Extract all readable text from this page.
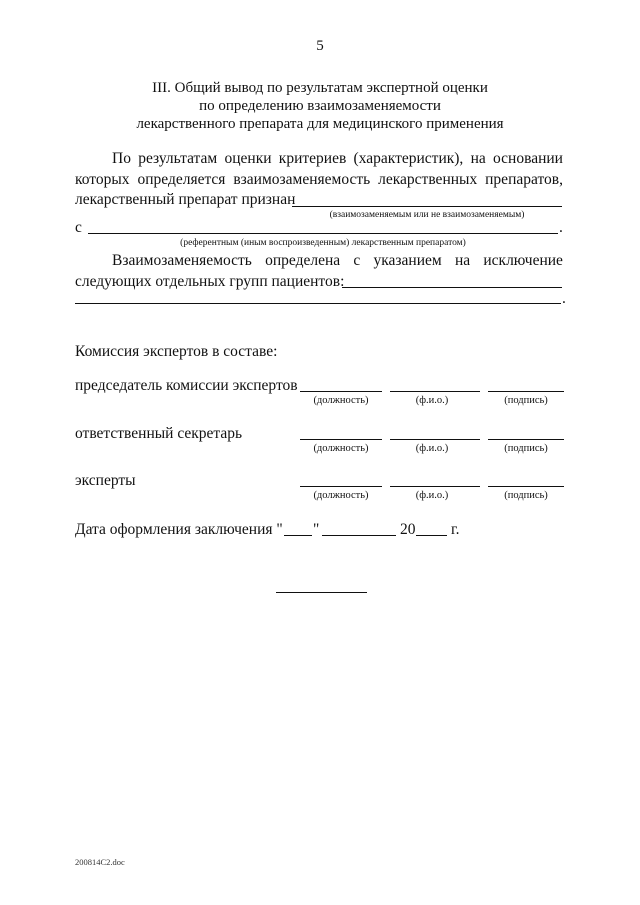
5
III. Общий вывод по результатам экспертной оценки
по определению взаимозаменяемости
лекарственного препарата для медицинского применения
По результатам оценки критериев (характеристик), на основании
которых определяется взаимозаменяемость лекарственных препаратов,
лекарственный препарат признан
(взаимозаменяемым или не взаимозаменяемым)
с	.
(референтным (иным воспроизведенным) лекарственным препаратом)
Взаимозаменяемость определена с указанием на исключение
следующих отдельных групп пациентов:
.
Комиссия экспертов в составе:
председатель комиссии экспертов
(должность)	(ф.и.о.)	(подпись)
ответственный секретарь
(должность)	(ф.и.о.)	(подпись)
эксперты
(должность)	(ф.и.о.)	(подпись)
Дата оформления заключения " "	20 г.
200814C2.doc
